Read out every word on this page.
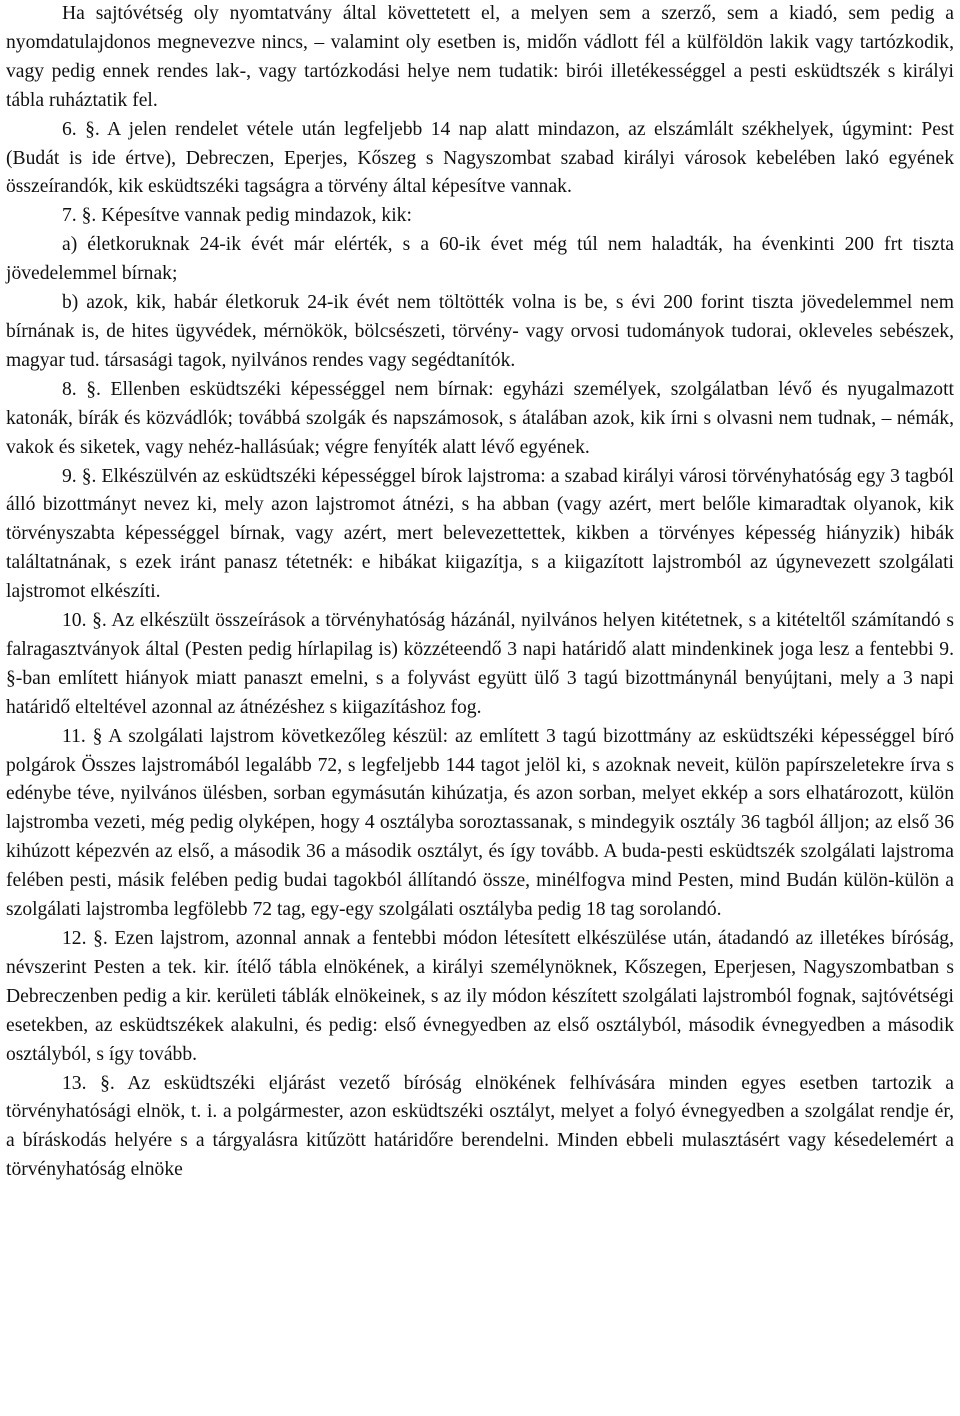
Ha sajtóvétség oly nyomtatvány által követtetett el, a melyen sem a szerző, sem a kiadó, sem pedig a nyomdatulajdonos megnevezve nincs, – valamint oly esetben is, midőn vádlott fél a külföldön lakik vagy tartózkodik, vagy pedig ennek rendes lak-, vagy tartózkodási helye nem tudatik: birói illetékességgel a pesti esküdtszék s királyi tábla ruháztatik fel.

6. §. A jelen rendelet vétele után legfeljebb 14 nap alatt mindazon, az elszámlált székhelyek, úgymint: Pest (Budát is ide értve), Debreczen, Eperjes, Kőszeg s Nagyszombat szabad királyi városok kebelében lakó egyének összeírandók, kik esküdtszéki tagságra a törvény által képesítve vannak.

7. §. Képesítve vannak pedig mindazok, kik:

a) életkoruknak 24-ik évét már elérték, s a 60-ik évet még túl nem haladták, ha évenkinti 200 frt tiszta jövedelemmel bírnak;

b) azok, kik, habár életkoruk 24-ik évét nem töltötték volna is be, s évi 200 forint tiszta jövedelemmel nem bírnának is, de hites ügyvédek, mérnökök, bölcsészeti, törvény- vagy orvosi tudományok tudorai, okleveles sebészek, magyar tud. társasági tagok, nyilvános rendes vagy segédtanítók.

8. §. Ellenben esküdtszéki képességgel nem bírnak: egyházi személyek, szolgálatban lévő és nyugalmazott katonák, bírák és közvádlók; továbbá szolgák és napszámosok, s átalában azok, kik írni s olvasni nem tudnak, – némák, vakok és siketek, vagy nehéz-hallásúak; végre fenyíték alatt lévő egyének.

9. §. Elkészülvén az esküdtszéki képességgel bírok lajstroma: a szabad királyi városi törvényhatóság egy 3 tagból álló bizottmányt nevez ki, mely azon lajstromot átnézi, s ha abban (vagy azért, mert belőle kimaradtak olyanok, kik törvényszabta képességgel bírnak, vagy azért, mert belevezettettek, kikben a törvényes képesség hiányzik) hibák találtatnának, s ezek iránt panasz tétetnék: e hibákat kiigazítja, s a kiigazított lajstromból az úgynevezett szolgálati lajstromot elkészíti.

10. §. Az elkészült összeírások a törvényhatóság házánál, nyilvános helyen kitétetnek, s a kitételtől számítandó s falragasztványok által (Pesten pedig hírlapilag is) közzéteendő 3 napi határidő alatt mindenkinek joga lesz a fentebbi 9. §-ban említett hiányok miatt panaszt emelni, s a folyvást együtt ülő 3 tagú bizottmánynál benyújtani, mely a 3 napi határidő elteltével azonnal az átnézéshez s kiigazításhoz fog.

11. § A szolgálati lajstrom következőleg készül: az említett 3 tagú bizottmány az esküdtszéki képességgel bíró polgárok Összes lajstromából legalább 72, s legfeljebb 144 tagot jelöl ki, s azoknak neveit, külön papírszeletekre írva s edénybe téve, nyilvános ülésben, sorban egymásután kihúzatja, és azon sorban, melyet ekkép a sors elhatározott, külön lajstromba vezeti, még pedig olyképen, hogy 4 osztályba soroztassanak, s mindegyik osztály 36 tagból álljon; az első 36 kihúzott képezvén az első, a második 36 a második osztályt, és így tovább. A buda-pesti esküdtszék szolgálati lajstroma felében pesti, másik felében pedig budai tagokból állítandó össze, minélfogva mind Pesten, mind Budán külön-külön a szolgálati lajstromba legfölebb 72 tag, egy-egy szolgálati osztályba pedig 18 tag sorolandó.

12. §. Ezen lajstrom, azonnal annak a fentebbi módon létesített elkészülése után, átadandó az illetékes bíróság, névszerint Pesten a tek. kir. ítélő tábla elnökének, a királyi személynöknek, Kőszegen, Eperjesen, Nagyszombatban s Debreczenben pedig a kir. kerületi táblák elnökeinek, s az ily módon készített szolgálati lajstromból fognak, sajtóvétségi esetekben, az esküdtszékek alakulni, és pedig: első évnegyedben az első osztályból, második évnegyedben a második osztályból, s így tovább.

13. §. Az esküdtszéki eljárást vezető bíróság elnökének felhívására minden egyes esetben tartozik a törvényhatósági elnök, t. i. a polgármester, azon esküdtszéki osztályt, melyet a folyó évnegyedben a szolgálat rendje ér, a bíráskodás helyére s a tárgyalásra kitűzött határidőre berendelni. Minden ebbeli mulasztásért vagy késedelemért a törvényhatóság elnöke
